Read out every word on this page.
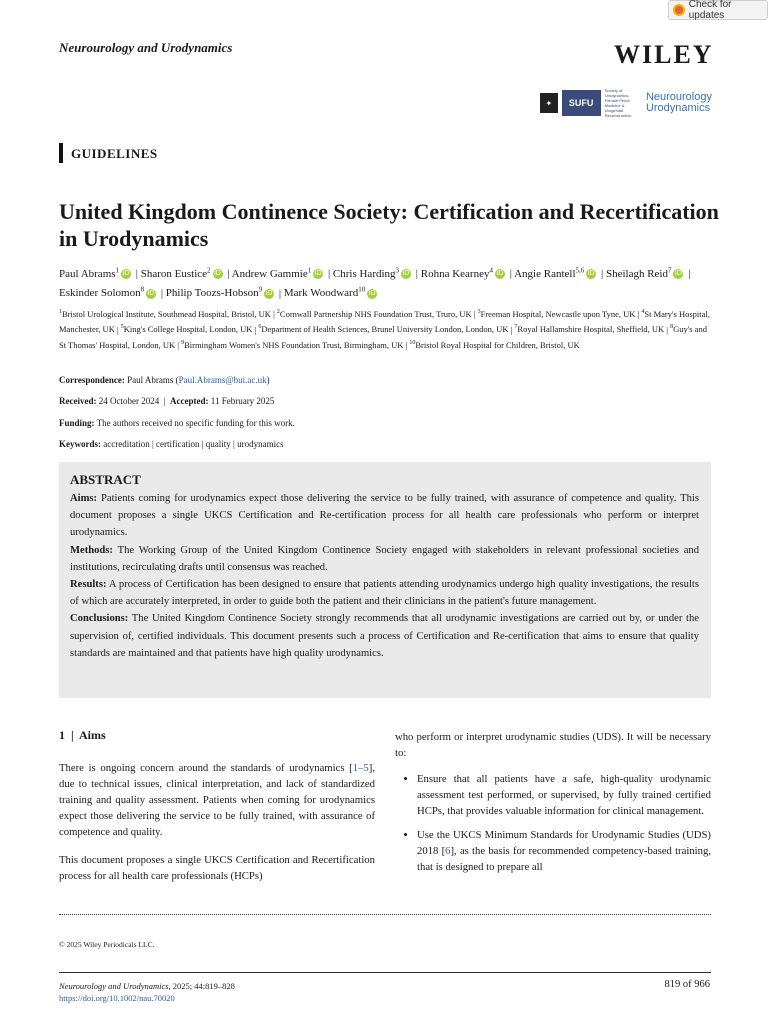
Check for updates
Neurourology and Urodynamics	WILEY
✦	SUFU
Society of Urodynamics, Female Pelvic Medicine & Urogenital Reconstruction
Neurourology
Urodynamics
GUIDELINES
United Kingdom Continence Society: Certification and Recertification in Urodynamics
Paul Abrams$^1$ iD | Sharon Eustice$^2$ iD | Andrew Gammie$^1$ iD | Chris Harding$^3$ iD | Rohna Kearney$^4$ iD | Angie Rantell$^{5,6}$ iD | Sheilagh Reid$^7$ iD | Eskinder Solomon$^8$ iD | Philip Toozs-Hobson$^9$ iD | Mark Woodward$^{10}$ iD
$^1$Bristol Urological Institute, Southmead Hospital, Bristol, UK | $^2$Cornwall Partnership NHS Foundation Trust, Truro, UK | $^3$Freeman Hospital, Newcastle upon Tyne, UK | $^4$St Mary's Hospital, Manchester, UK | $^5$King's College Hospital, London, UK | $^6$Department of Health Sciences, Brunel University London, London, UK | $^7$Royal Hallamshire Hospital, Sheffield, UK | $^8$Guy's and St Thomas' Hospital, London, UK | $^9$Birmingham Women's NHS Foundation Trust, Birmingham, UK | $^{10}$Bristol Royal Hospital for Children, Bristol, UK
Correspondence: Paul Abrams (Paul.Abrams@bui.ac.uk)
Received: 24 October 2024  |  Accepted: 11 February 2025
Funding: The authors received no specific funding for this work.
Keywords: accreditation | certification | quality | urodynamics
ABSTRACT

Aims: Patients coming for urodynamics expect those delivering the service to be fully trained, with assurance of competence and quality. This document proposes a single UKCS Certification and Re-certification process for all health care professionals who perform or interpret urodynamics.

Methods: The Working Group of the United Kingdom Continence Society engaged with stakeholders in relevant professional societies and institutions, recirculating drafts until consensus was reached.

Results: A process of Certification has been designed to ensure that patients attending urodynamics undergo high quality investigations, the results of which are accurately interpreted, in order to guide both the patient and their clinicians in the patient's future management.

Conclusions: The United Kingdom Continence Society strongly recommends that all urodynamic investigations are carried out by, or under the supervision of, certified individuals. This document presents such a process of Certification and Re-certification that aims to ensure that quality standards are maintained and that patients have high quality urodynamics.

1  |  Aims

There is ongoing concern around the standards of urodynamics [1–5], due to technical issues, clinical interpretation, and lack of standardized training and quality assessment. Patients when coming for urodynamics expect those delivering the service to be fully trained, with assurance of competence and quality.

This document proposes a single UKCS Certification and Recertification process for all health care professionals (HCPs)

who perform or interpret urodynamic studies (UDS). It will be necessary to:

• Ensure that all patients have a safe, high-quality urodynamic assessment test performed, or supervised, by fully trained certified HCPs, that provides valuable information for clinical management.
• Use the UKCS Minimum Standards for Urodynamic Studies (UDS) 2018 [6], as the basis for recommended competency-based training, that is designed to prepare all
© 2025 Wiley Periodicals LLC.
Neurourology and Urodynamics, 2025; 44:819–828
https://doi.org/10.1002/nau.70020
819 of 966
